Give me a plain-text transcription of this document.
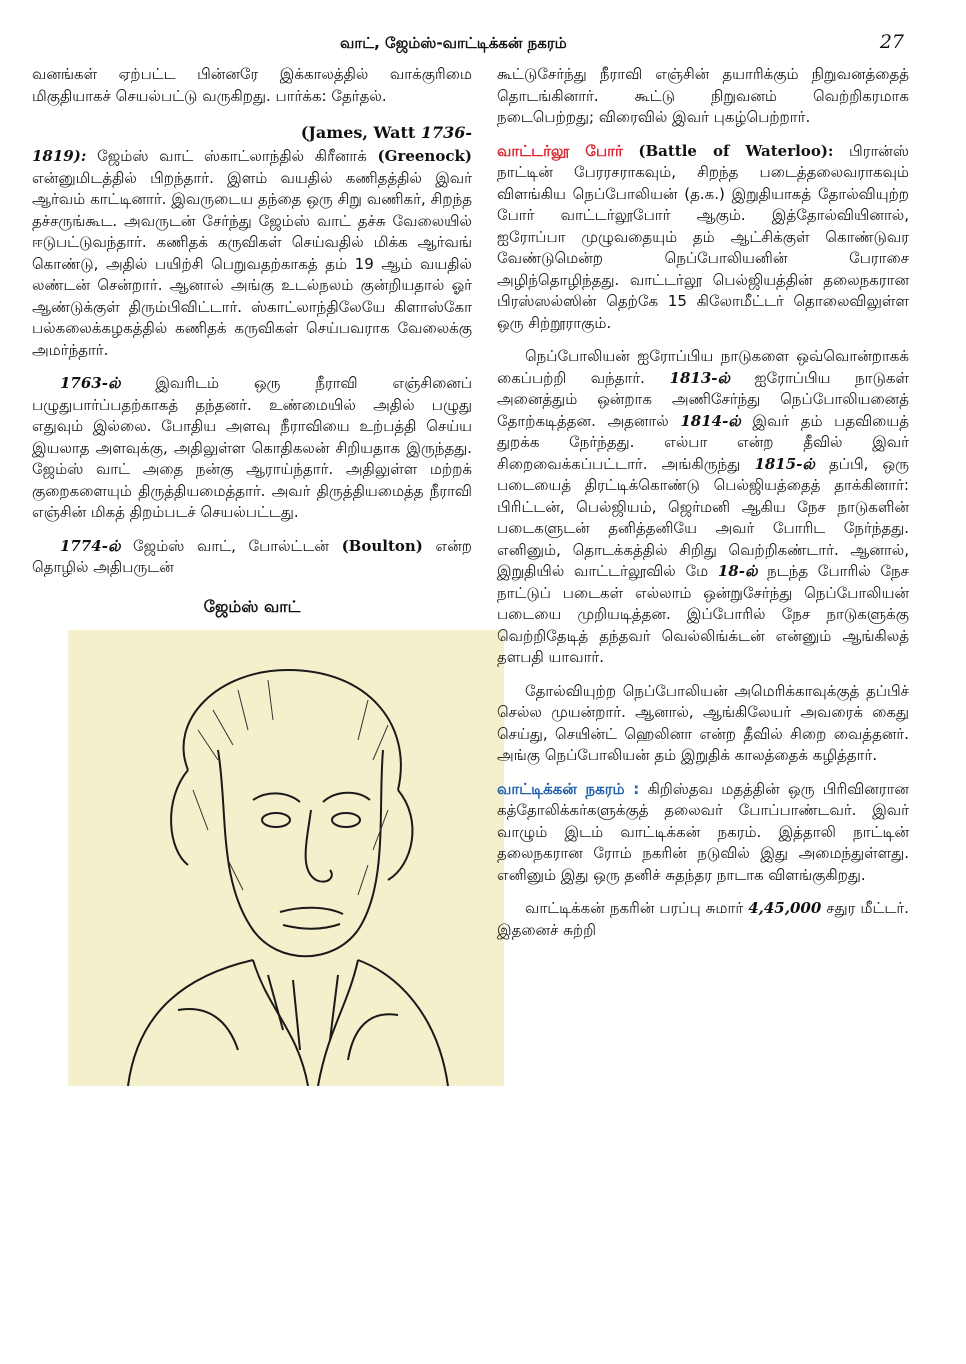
வாட், ஜேம்ஸ்-வாட்டிக்கன் நகரம்	27

வனங்கள் ஏற்பட்ட பின்னரே இக்காலத்தில் வாக்குரிமை மிகுதியாகச் செயல்பட்டு வருகிறது. பார்க்க: தேர்தல்.

(James, Watt 1736-

1819): ஜேம்ஸ் வாட் ஸ்காட்லாந்தில் கிரீனாக் (Greenock) என்னுமிடத்தில் பிறந்தார். இளம் வயதில் கணிதத்தில் இவர் ஆர்வம் காட்டினார். இவருடைய தந்தை ஒரு சிறு வணிகர், சிறந்த தச்சருங்கூட. அவருடன் சேர்ந்து ஜேம்ஸ் வாட் தச்சு வேலையில் ஈடுபட்டுவந்தார். கணிதக் கருவிகள் செய்வதில் மிக்க ஆர்வங் கொண்டு, அதில் பயிற்சி பெறுவதற்காகத் தம் 19 ஆம் வயதில் லண்டன் சென்றார். ஆனால் அங்கு உடல்நலம் குன்றியதால் ஓர் ஆண்டுக்குள் திரும்பிவிட்டார். ஸ்காட்லாந்திலேயே கிளாஸ்கோ பல்கலைக்கழகத்தில் கணிதக் கருவிகள் செய்பவராக வேலைக்கு அமர்ந்தார்.

1763-ல் இவரிடம் ஒரு நீராவி எஞ்சினைப் பழுதுபார்ப்பதற்காகத் தந்தனர். உண்மையில் அதில் பழுது எதுவும் இல்லை. போதிய அளவு நீராவியை உற்பத்தி செய்ய இயலாத அளவுக்கு, அதிலுள்ள கொதிகலன் சிறியதாக இருந்தது. ஜேம்ஸ் வாட் அதை நன்கு ஆராய்ந்தார். அதிலுள்ள மற்றக் குறைகளையும் திருத்தியமைத்தார். அவர் திருத்தியமைத்த நீராவி எஞ்சின் மிகத் திறம்படச் செயல்பட்டது.

1774-ல் ஜேம்ஸ் வாட், போல்ட்டன் (Boulton) என்ற தொழில் அதிபருடன்

ஜேம்ஸ் வாட்

கூட்டுசேர்ந்து நீராவி எஞ்சின் தயாரிக்கும் நிறுவனத்தைத் தொடங்கினார். கூட்டு நிறுவனம் வெற்றிகரமாக நடைபெற்றது; விரைவில் இவர் புகழ்பெற்றார்.

வாட்டர்லூ போர் (Battle of Waterloo): பிரான்ஸ் நாட்டின் பேரரசராகவும், சிறந்த படைத்தலைவராகவும் விளங்கிய நெப்போலியன் (த.க.) இறுதியாகத் தோல்வியுற்ற போர் வாட்டர்லூபோர் ஆகும். இத்தோல்வியினால், ஐரோப்பா முழுவதையும் தம் ஆட்சிக்குள் கொண்டுவர வேண்டுமென்ற நெப்போலியனின் பேராசை அழிந்தொழிந்தது. வாட்டர்லூ பெல்ஜியத்தின் தலைநகரான பிரஸ்ஸல்ஸின் தெற்கே 15 கிலோமீட்டர் தொலைவிலுள்ள ஒரு சிற்றூராகும்.

நெப்போலியன் ஐரோப்பிய நாடுகளை ஒவ்வொன்றாகக் கைப்பற்றி வந்தார். 1813-ல் ஐரோப்பிய நாடுகள் அனைத்தும் ஒன்றாக அணிசேர்ந்து நெப்போலியனைத் தோற்கடித்தன. அதனால் 1814-ல் இவர் தம் பதவியைத் துறக்க நேர்ந்தது. எல்பா என்ற தீவில் இவர் சிறைவைக்கப்பட்டார். அங்கிருந்து 1815-ல் தப்பி, ஒரு படையைத் திரட்டிக்கொண்டு பெல்ஜியத்தைத் தாக்கினார்: பிரிட்டன், பெல்ஜியம், ஜெர்மனி ஆகிய நேச நாடுகளின் படைகளுடன் தனித்தனியே அவர் போரிட நேர்ந்தது. எனினும், தொடக்கத்தில் சிறிது வெற்றிகண்டார். ஆனால், இறுதியில் வாட்டர்லூவில் மே 18-ல் நடந்த போரில் நேச நாட்டுப் படைகள் எல்லாம் ஒன்றுசேர்ந்து நெப்போலியன் படையை முறியடித்தன. இப்போரில் நேச நாடுகளுக்கு வெற்றிதேடித் தந்தவர் வெல்லிங்க்டன் என்னும் ஆங்கிலத் தளபதி யாவார்.

தோல்வியுற்ற நெப்போலியன் அமெரிக்காவுக்குத் தப்பிச் செல்ல முயன்றார். ஆனால், ஆங்கிலேயர் அவரைக் கைது செய்து, செயின்ட் ஹெலினா என்ற தீவில் சிறை வைத்தனர். அங்கு நெப்போலியன் தம் இறுதிக் காலத்தைக் கழித்தார்.

வாட்டிக்கன் நகரம் : கிறிஸ்தவ மதத்தின் ஒரு பிரிவினரான கத்தோலிக்கர்களுக்குத் தலைவர் போப்பாண்டவர். இவர் வாழும் இடம் வாட்டிக்கன் நகரம். இத்தாலி நாட்டின் தலைநகரான ரோம் நகரின் நடுவில் இது அமைந்துள்ளது. எனினும் இது ஒரு தனிச் சுதந்தர நாடாக விளங்குகிறது.

வாட்டிக்கன் நகரின் பரப்பு சுமார் 4,45,000 சதுர மீட்டர். இதனைச் சுற்றி
